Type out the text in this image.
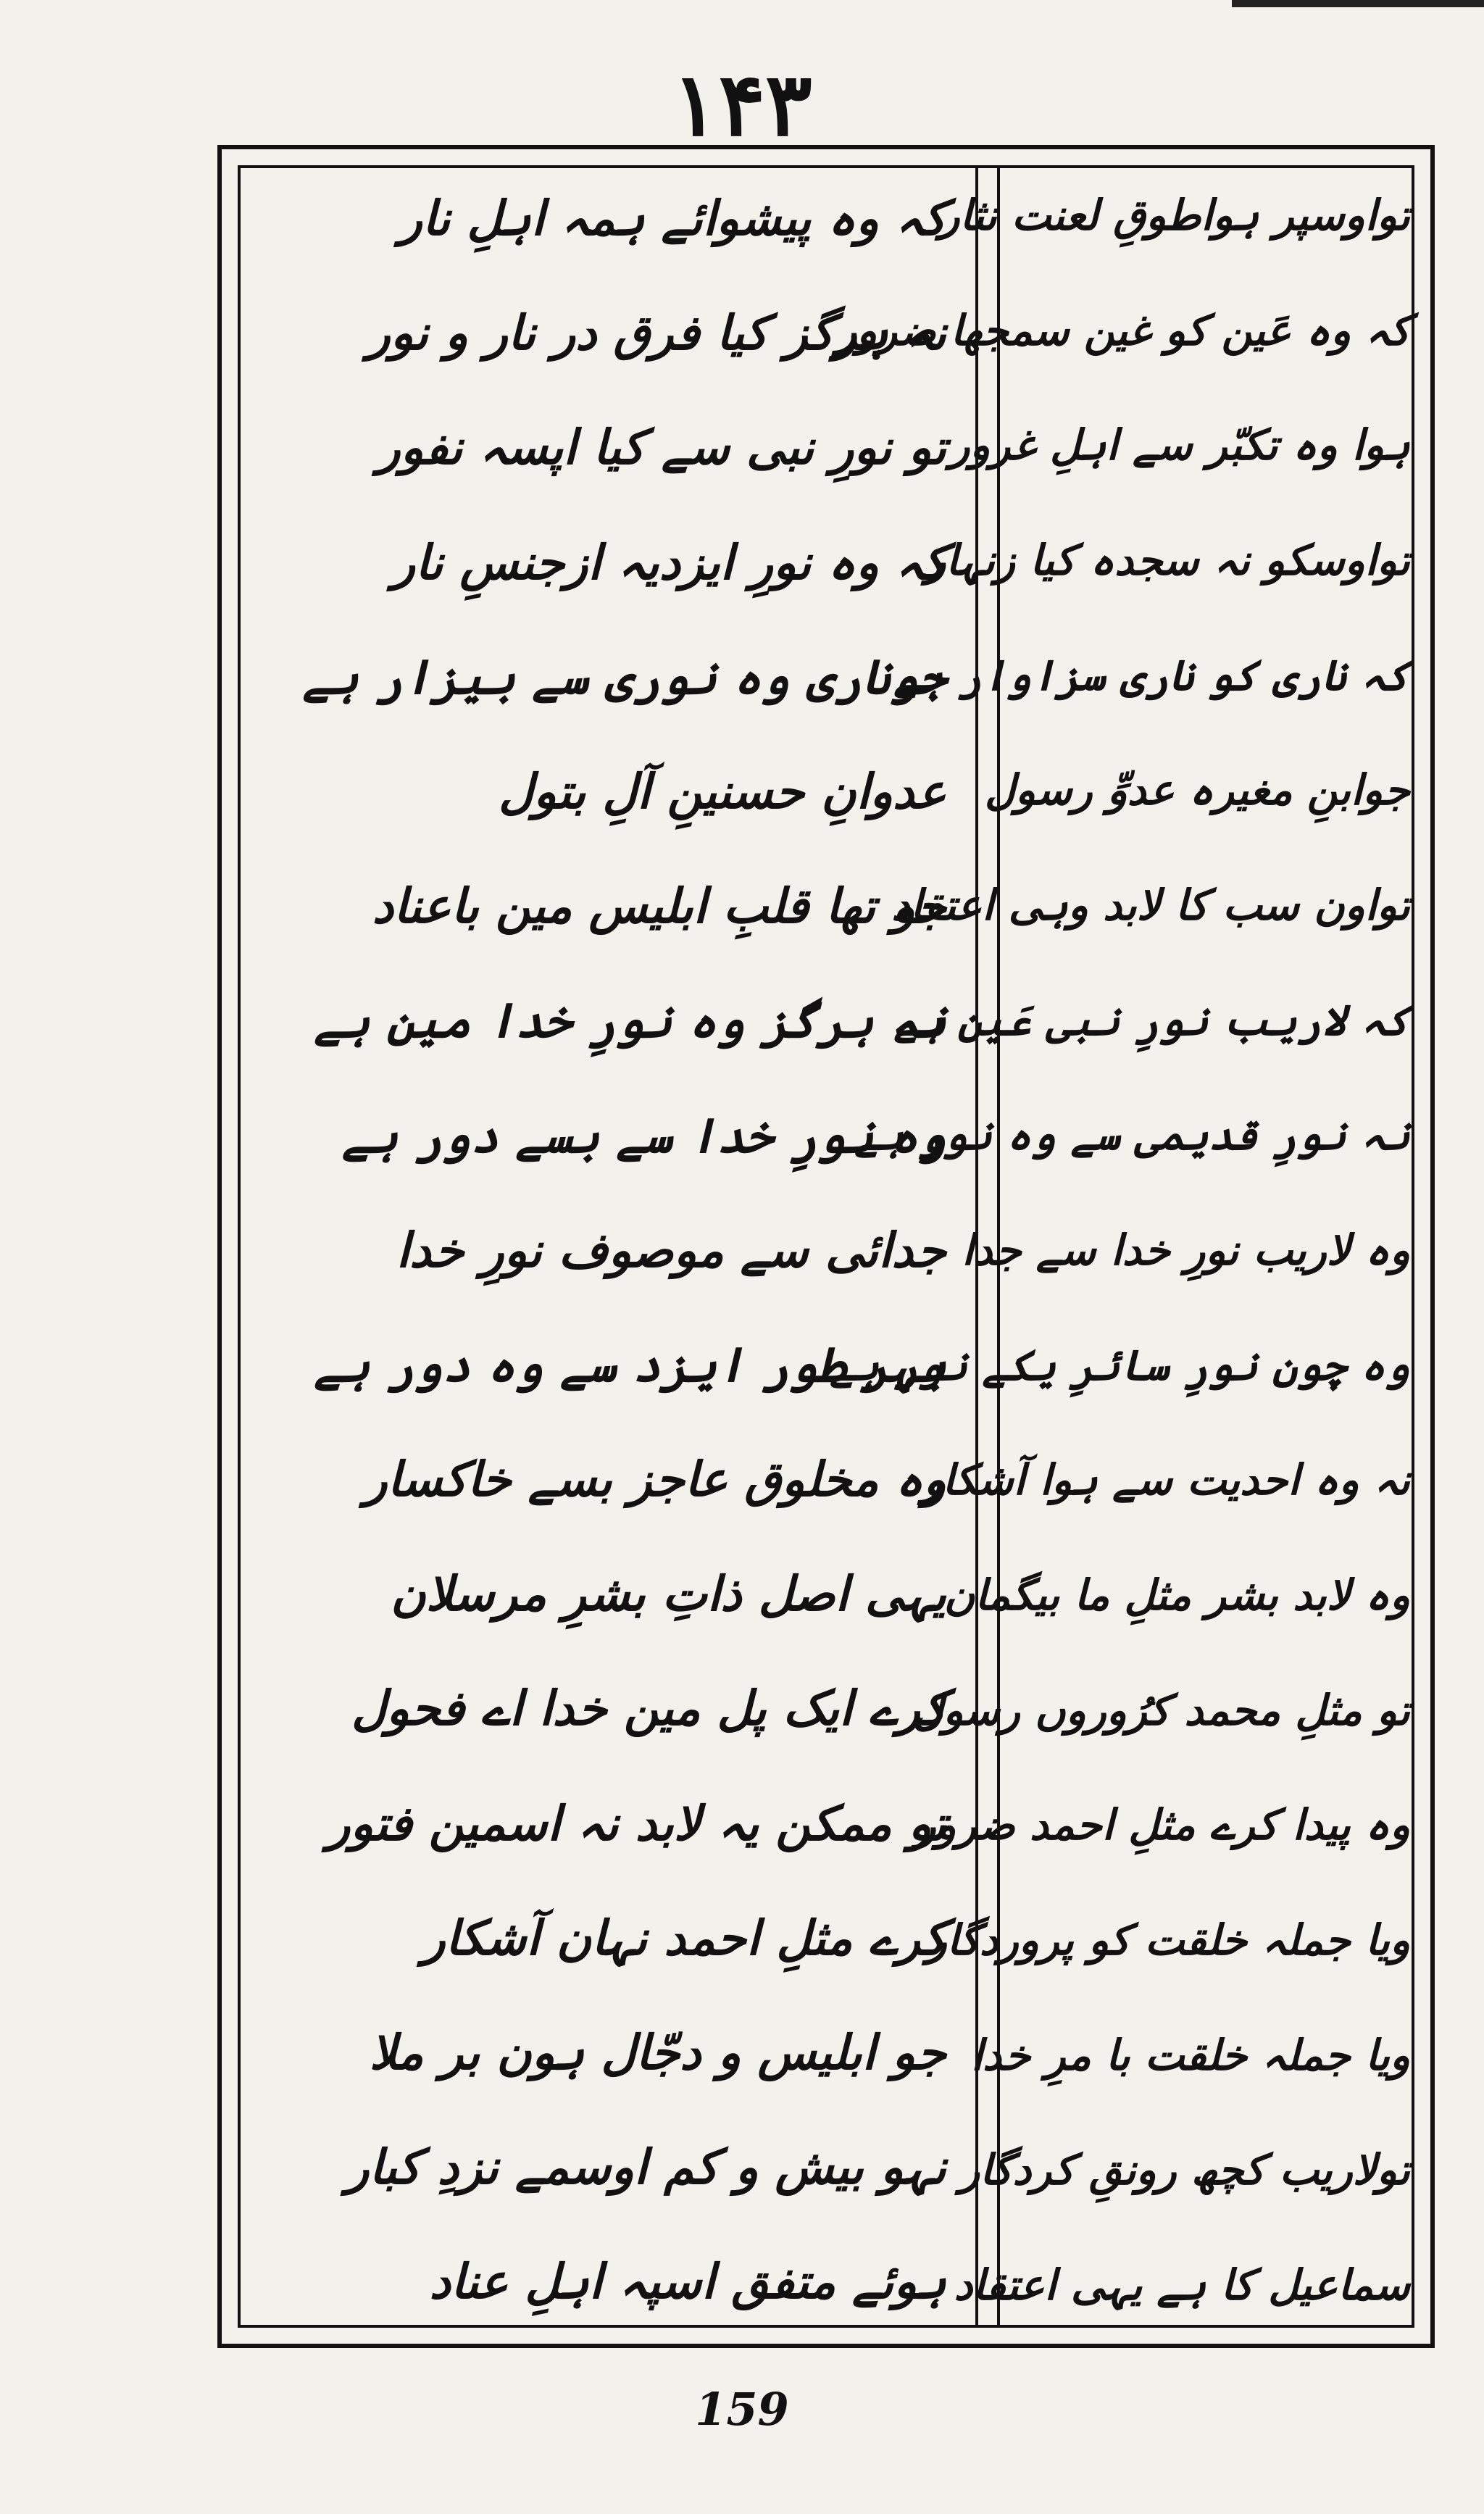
۱۴۳
تواوسپر ہواطوقِ لعنت نثار
کہ وہ عَین کو غین سمجھا ضرور
ہوا وہ تکبّر سے اہلِ غرور
تواوسکو نہ سجدہ کیا زنہار
کہ ناری کو ناری سزاوار ہے
جوابنِ مغیرہ عدوِّ رسول
تواون سب کا لابد وہی اعتقاد
کہ لاریب نورِ نبی عَین ہے
نہ نورِ قدیمی سے وہ نور ہے
وہ لاریب نورِ خدا سے جدا
وہ چون نورِ سائرِ یکے نور ہے
نہ وہ احدیت سے ہوا آشکار
وہ لابد بشر مثلِ ما بیگمان
تو مثلِ محمد کرُوروں رسول
وہ پیدا کرے مثلِ احمد ضرور
ویا جملہ خلقت کو پروردگار
ویا جملہ خلقت با مرِ خدا
تولاریب کچھ رونقِ کردگار
سماعیل کا ہے یہی اعتقاد
کہ وہ پیشوائے ہمہ اہلِ نار
نہ ہرگز کیا فرق در نار و نور
تو نورِ نبی سے کیا اپسہ نفور
کہ وہ نورِ ایزدیہ ازجنسِ نار
جوناری وہ نوری سے بیزار ہے
عدوانِ حسنینِ آلِ بتول
جو تھا قلبِ ابلیس مین باعناد
نہ ہرگز وہ نورِ خدا مین ہے
وہ نورِ خدا سے بسے دور ہے
جدائی سے موصوف نورِ خدا
بہر طور ایزد سے وہ دور ہے
وہ مخلوق عاجز بسے خاکسار
یہی اصل ذاتِ بشرِ مرسلان
کرے ایک پل مین خدا اے فحول
تو ممکن یہ لابد نہ اسمین فتور
کرے مثلِ احمد نہان آشکار
جو ابلیس و دجّال ہون بر ملا
نہو بیش و کم اوسمے نزدِ کبار
ہوئے متفق اسپہ اہلِ عناد
159
